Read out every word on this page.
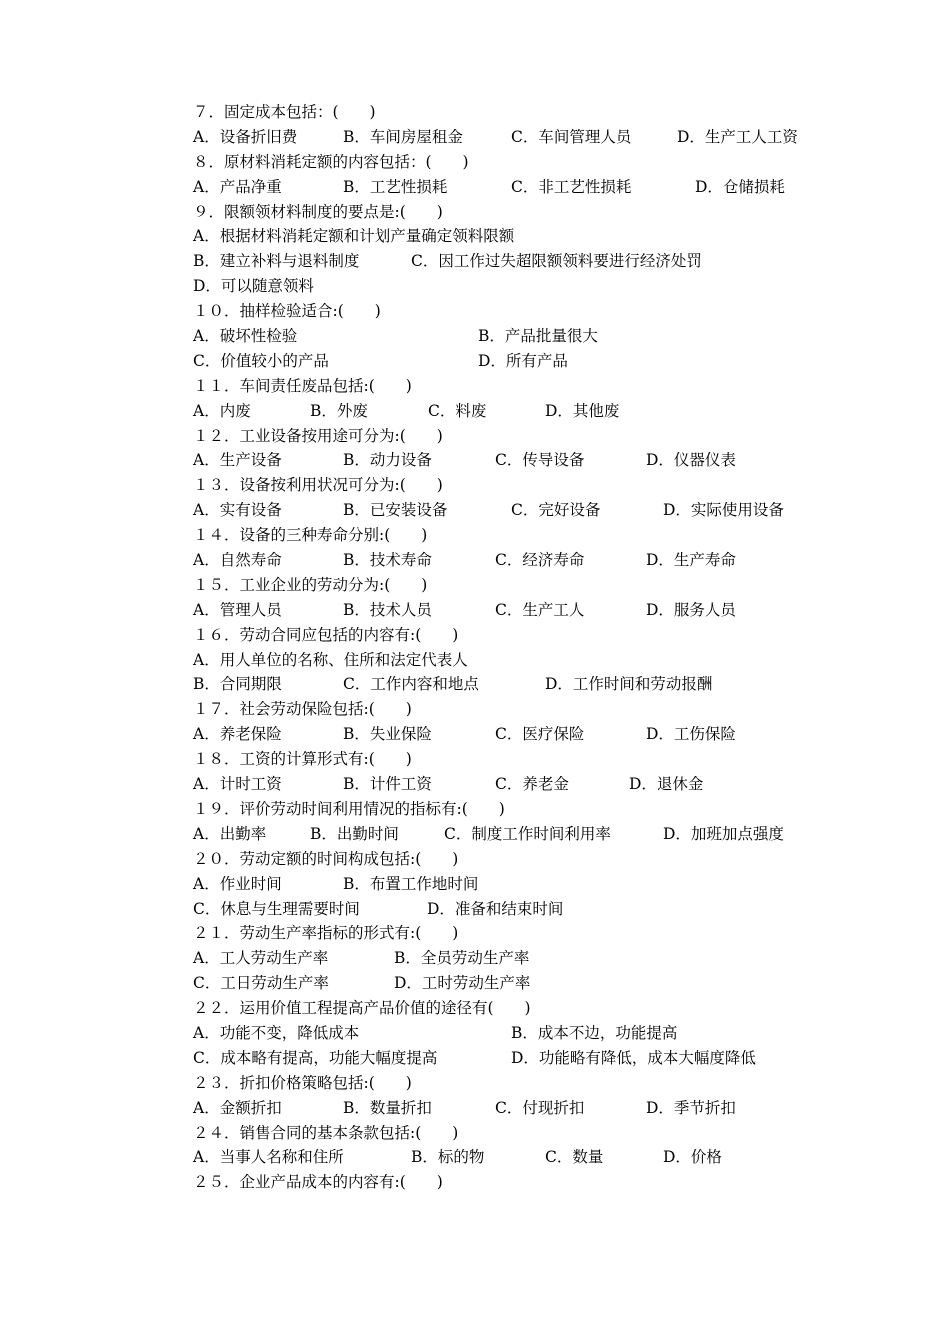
７．固定成本包括：(　　)
A．设备折旧费	B．车间房屋租金	C．车间管理人员	D．生产工人工资
８．原材料消耗定额的内容包括：(　　)
A．产品净重	B．工艺性损耗	C．非工艺性损耗	D．仓储损耗
９．限额领材料制度的要点是:(　　)
A．根据材料消耗定额和计划产量确定领料限额
B．建立补料与退料制度	C．因工作过失超限额领料要进行经济处罚
D．可以随意领料
１０．抽样检验适合:(　　)
A．破坏性检验	B．产品批量很大
C．价值较小的产品	D．所有产品
１１．车间责任废品包括:(　　)
A．内废	B．外废	C．料废	D．其他废
１２．工业设备按用途可分为:(　　)
A．生产设备	B．动力设备	C．传导设备	D．仪器仪表
１３．设备按利用状况可分为:(　　)
A．实有设备	B．已安装设备	C．完好设备	D．实际使用设备
１４．设备的三种寿命分别:(　　)
A．自然寿命	B．技术寿命	C．经济寿命	D．生产寿命
１５．工业企业的劳动分为:(　　)
A．管理人员	B．技术人员	C．生产工人	D．服务人员
１６．劳动合同应包括的内容有:(　　)
A．用人单位的名称、住所和法定代表人
B．合同期限	C．工作内容和地点	D．工作时间和劳动报酬
１７．社会劳动保险包括:(　　)
A．养老保险	B．失业保险	C．医疗保险	D．工伤保险
１８．工资的计算形式有:(　　)
A．计时工资	B．计件工资	C．养老金	D．退休金
１９．评价劳动时间利用情况的指标有:(　　)
A．出勤率	B．出勤时间	C．制度工作时间利用率	D．加班加点强度
２０．劳动定额的时间构成包括:(　　)
A．作业时间	B．布置工作地时间
C．休息与生理需要时间	D．准备和结束时间
２１．劳动生产率指标的形式有:(　　)
A．工人劳动生产率	B．全员劳动生产率
C．工日劳动生产率	D．工时劳动生产率
２２．运用价值工程提高产品价值的途径有(　　)
A．功能不变，降低成本	B．成本不边，功能提高
C．成本略有提高，功能大幅度提高	D．功能略有降低，成本大幅度降低
２３．折扣价格策略包括:(　　)
A．金额折扣	B．数量折扣	C．付现折扣	D．季节折扣
２４．销售合同的基本条款包括:(　　)
A．当事人名称和住所	B．标的物	C．数量	D．价格
２５．企业产品成本的内容有:(　　)
